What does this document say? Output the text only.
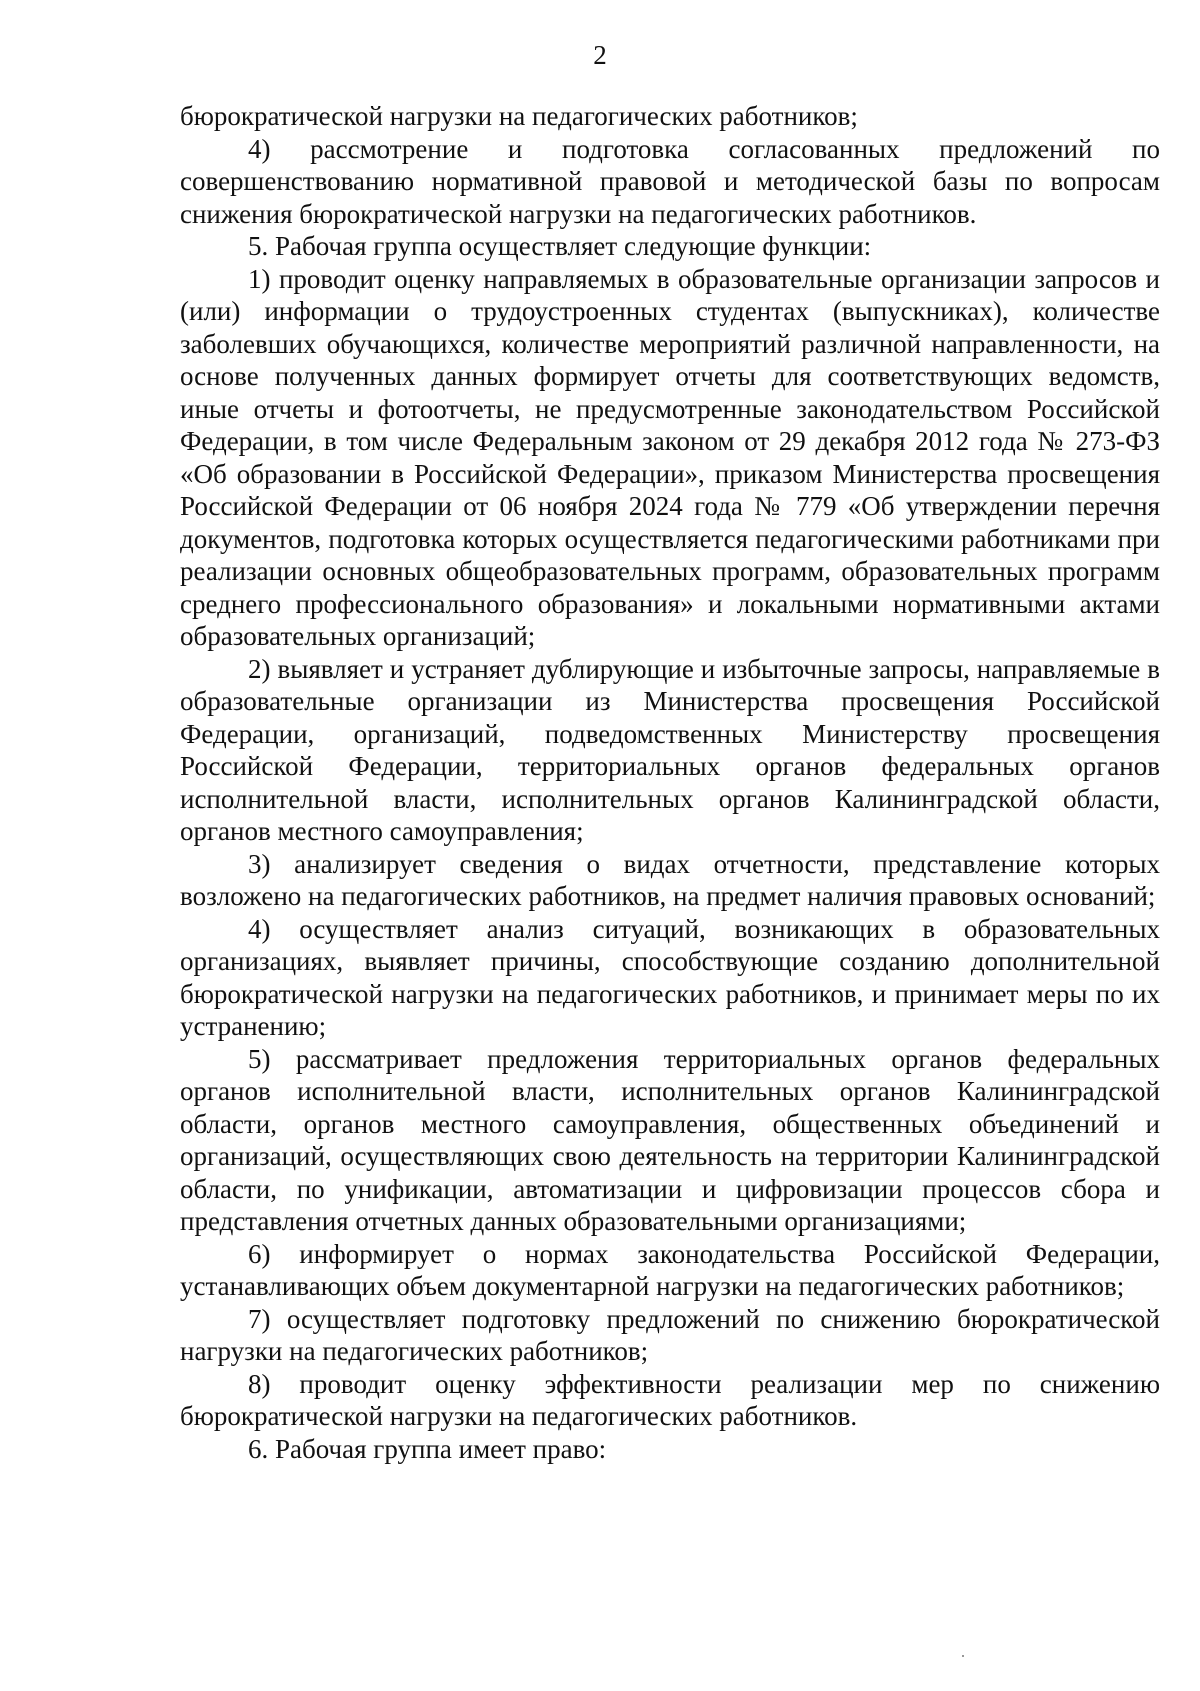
2

бюрократической нагрузки на педагогических работников;

4) рассмотрение и подготовка согласованных предложений по совершенствованию нормативной правовой и методической базы по вопросам снижения бюрократической нагрузки на педагогических работников.

5. Рабочая группа осуществляет следующие функции:

1) проводит оценку направляемых в образовательные организации запросов и (или) информации о трудоустроенных студентах (выпускниках), количестве заболевших обучающихся, количестве мероприятий различной направленности, на основе полученных данных формирует отчеты для соответствующих ведомств, иные отчеты и фотоотчеты, не предусмотренные законодательством Российской Федерации, в том числе Федеральным законом от 29 декабря 2012 года № 273-ФЗ «Об образовании в Российской Федерации», приказом Министерства просвещения Российской Федерации от 06 ноября 2024 года № 779 «Об утверждении перечня документов, подготовка которых осуществляется педагогическими работниками при реализации основных общеобразовательных программ, образовательных программ среднего профессионального образования» и локальными нормативными актами образовательных организаций;

2) выявляет и устраняет дублирующие и избыточные запросы, направляемые в образовательные организации из Министерства просвещения Российской Федерации, организаций, подведомственных Министерству просвещения Российской Федерации, территориальных органов федеральных органов исполнительной власти, исполнительных органов Калининградской области, органов местного самоуправления;

3) анализирует сведения о видах отчетности, представление которых возложено на педагогических работников, на предмет наличия правовых оснований;

4) осуществляет анализ ситуаций, возникающих в образовательных организациях, выявляет причины, способствующие созданию дополнительной бюрократической нагрузки на педагогических работников, и принимает меры по их устранению;

5) рассматривает предложения территориальных органов федеральных органов исполнительной власти, исполнительных органов Калининградской области, органов местного самоуправления, общественных объединений и организаций, осуществляющих свою деятельность на территории Калининградской области, по унификации, автоматизации и цифровизации процессов сбора и представления отчетных данных образовательными организациями;

6) информирует о нормах законодательства Российской Федерации, устанавливающих объем документарной нагрузки на педагогических работников;

7) осуществляет подготовку предложений по снижению бюрократической нагрузки на педагогических работников;

8) проводит оценку эффективности реализации мер по снижению бюрократической нагрузки на педагогических работников.

6. Рабочая группа имеет право:
